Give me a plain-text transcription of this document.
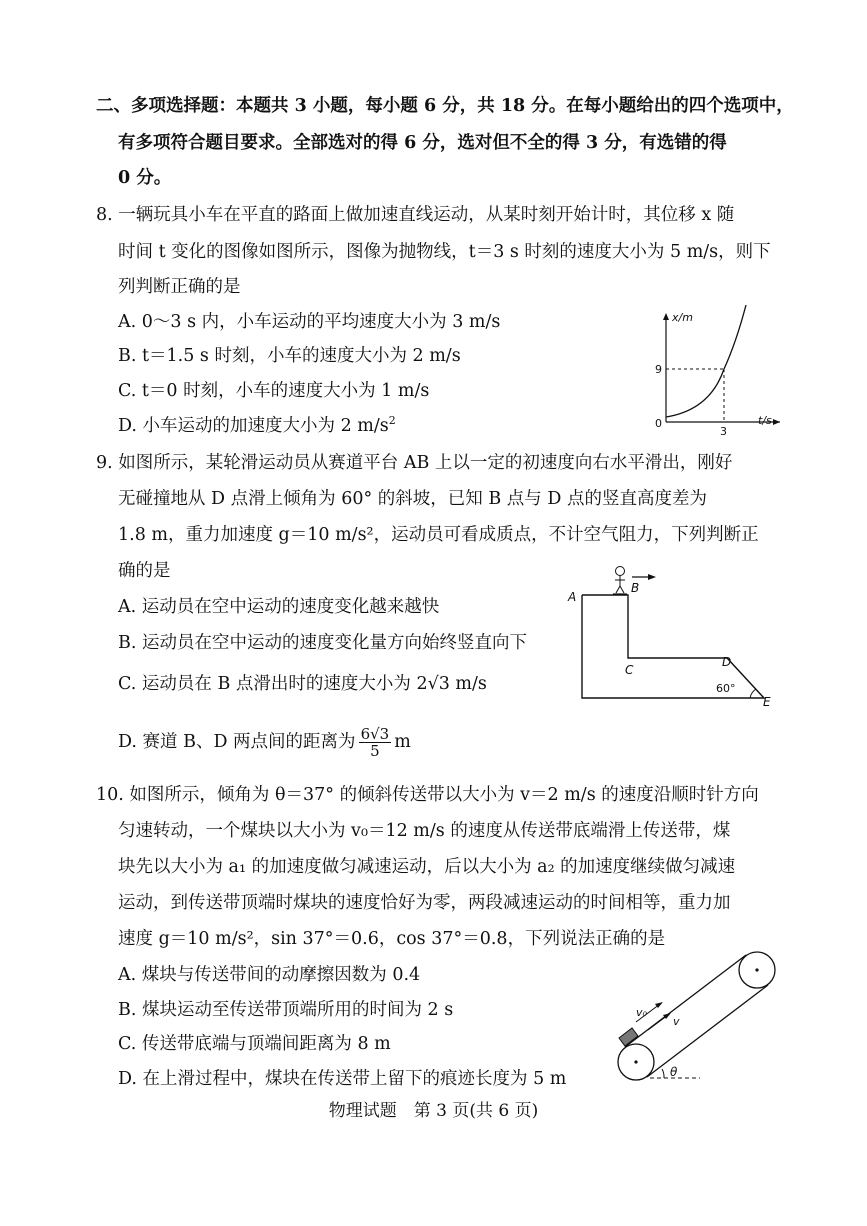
二、多项选择题：本题共 3 小题，每小题 6 分，共 18 分。在每小题给出的四个选项中，
有多项符合题目要求。全部选对的得 6 分，选对但不全的得 3 分，有选错的得
0 分。
8. 一辆玩具小车在平直的路面上做加速直线运动，从某时刻开始计时，其位移 x 随
时间 t 变化的图像如图所示，图像为抛物线，t＝3 s 时刻的速度大小为 5 m/s，则下
列判断正确的是
A. 0～3 s 内，小车运动的平均速度大小为 3 m/s
B. t＝1.5 s 时刻，小车的速度大小为 2 m/s
C. t＝0 时刻，小车的速度大小为 1 m/s
D. 小车运动的加速度大小为 2 $m/s^2$
x/m
t/s
0
9
3
9. 如图所示，某轮滑运动员从赛道平台 AB 上以一定的初速度向右水平滑出，刚好
无碰撞地从 D 点滑上倾角为 60° 的斜坡，已知 B 点与 D 点的竖直高度差为
1.8 m，重力加速度 g＝10 m/s²，运动员可看成质点，不计空气阻力，下列判断正
确的是
A. 运动员在空中运动的速度变化越来越快
B. 运动员在空中运动的速度变化量方向始终竖直向下
C. 运动员在 B 点滑出时的速度大小为 2√3 m/s
D. 赛道 B、D 两点间的距离为 $\frac{6√3}{5}$ m
A
B
C
D
E
60°
10. 如图所示，倾角为 θ＝37° 的倾斜传送带以大小为 v＝2 m/s 的速度沿顺时针方向
匀速转动，一个煤块以大小为 v₀＝12 m/s 的速度从传送带底端滑上传送带，煤
块先以大小为 a₁ 的加速度做匀减速运动，后以大小为 a₂ 的加速度继续做匀减速
运动，到传送带顶端时煤块的速度恰好为零，两段减速运动的时间相等，重力加
速度 g＝10 m/s²，sin 37°＝0.6，cos 37°＝0.8，下列说法正确的是
A. 煤块与传送带间的动摩擦因数为 0.4
B. 煤块运动至传送带顶端所用的时间为 2 s
C. 传送带底端与顶端间距离为 8 m
D. 在上滑过程中，煤块在传送带上留下的痕迹长度为 5 m
v₀
v
θ
物理试题　第 3 页(共 6 页)
